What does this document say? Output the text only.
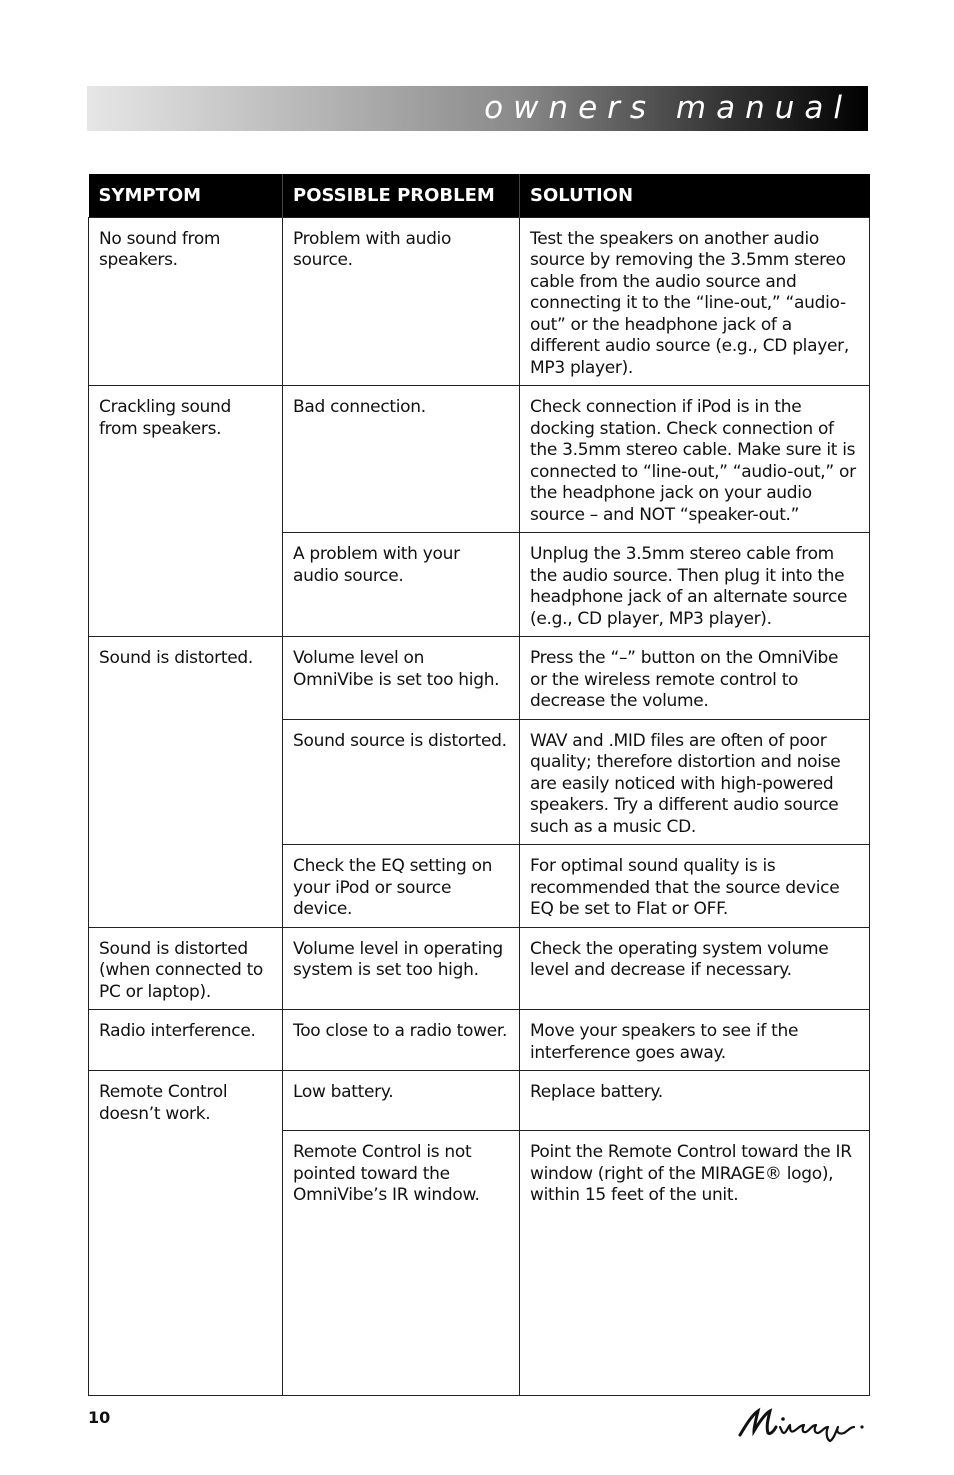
owners manual
SYMPTOM	POSSIBLE PROBLEM	SOLUTION
No sound from speakers.	Problem with audio source.	Test the speakers on another audio source by removing the 3.5mm stereo cable from the audio source and connecting it to the “line-out,” “audio-out” or the headphone jack of a different audio source (e.g., CD player, MP3 player).
Crackling sound from speakers.	Bad connection.	Check connection if iPod is in the docking station. Check connection of the 3.5mm stereo cable. Make sure it is connected to “line-out,” “audio-out,” or the headphone jack on your audio source – and NOT “speaker-out.”
	A problem with your audio source.	Unplug the 3.5mm stereo cable from the audio source. Then plug it into the headphone jack of an alternate source (e.g., CD player, MP3 player).
Sound is distorted.	Volume level on OmniVibe is set too high.	Press the “–” button on the OmniVibe or the wireless remote control to decrease the volume.
	Sound source is distorted.	WAV and .MID files are often of poor quality; therefore distortion and noise are easily noticed with high-powered speakers. Try a different audio source such as a music CD.
	Check the EQ setting on your iPod or source device.	For optimal sound quality is is recommended that the source device EQ be set to Flat or OFF.
Sound is distorted (when connected to PC or laptop).	Volume level in operating system is set too high.	Check the operating system volume level and decrease if necessary.
Radio interference.	Too close to a radio tower.	Move your speakers to see if the interference goes away.
Remote Control doesn’t work.	Low battery.	Replace battery.
	Remote Control is not pointed toward the OmniVibe’s IR window.	Point the Remote Control toward the IR window (right of the MIRAGE® logo), within 15 feet of the unit.
10
